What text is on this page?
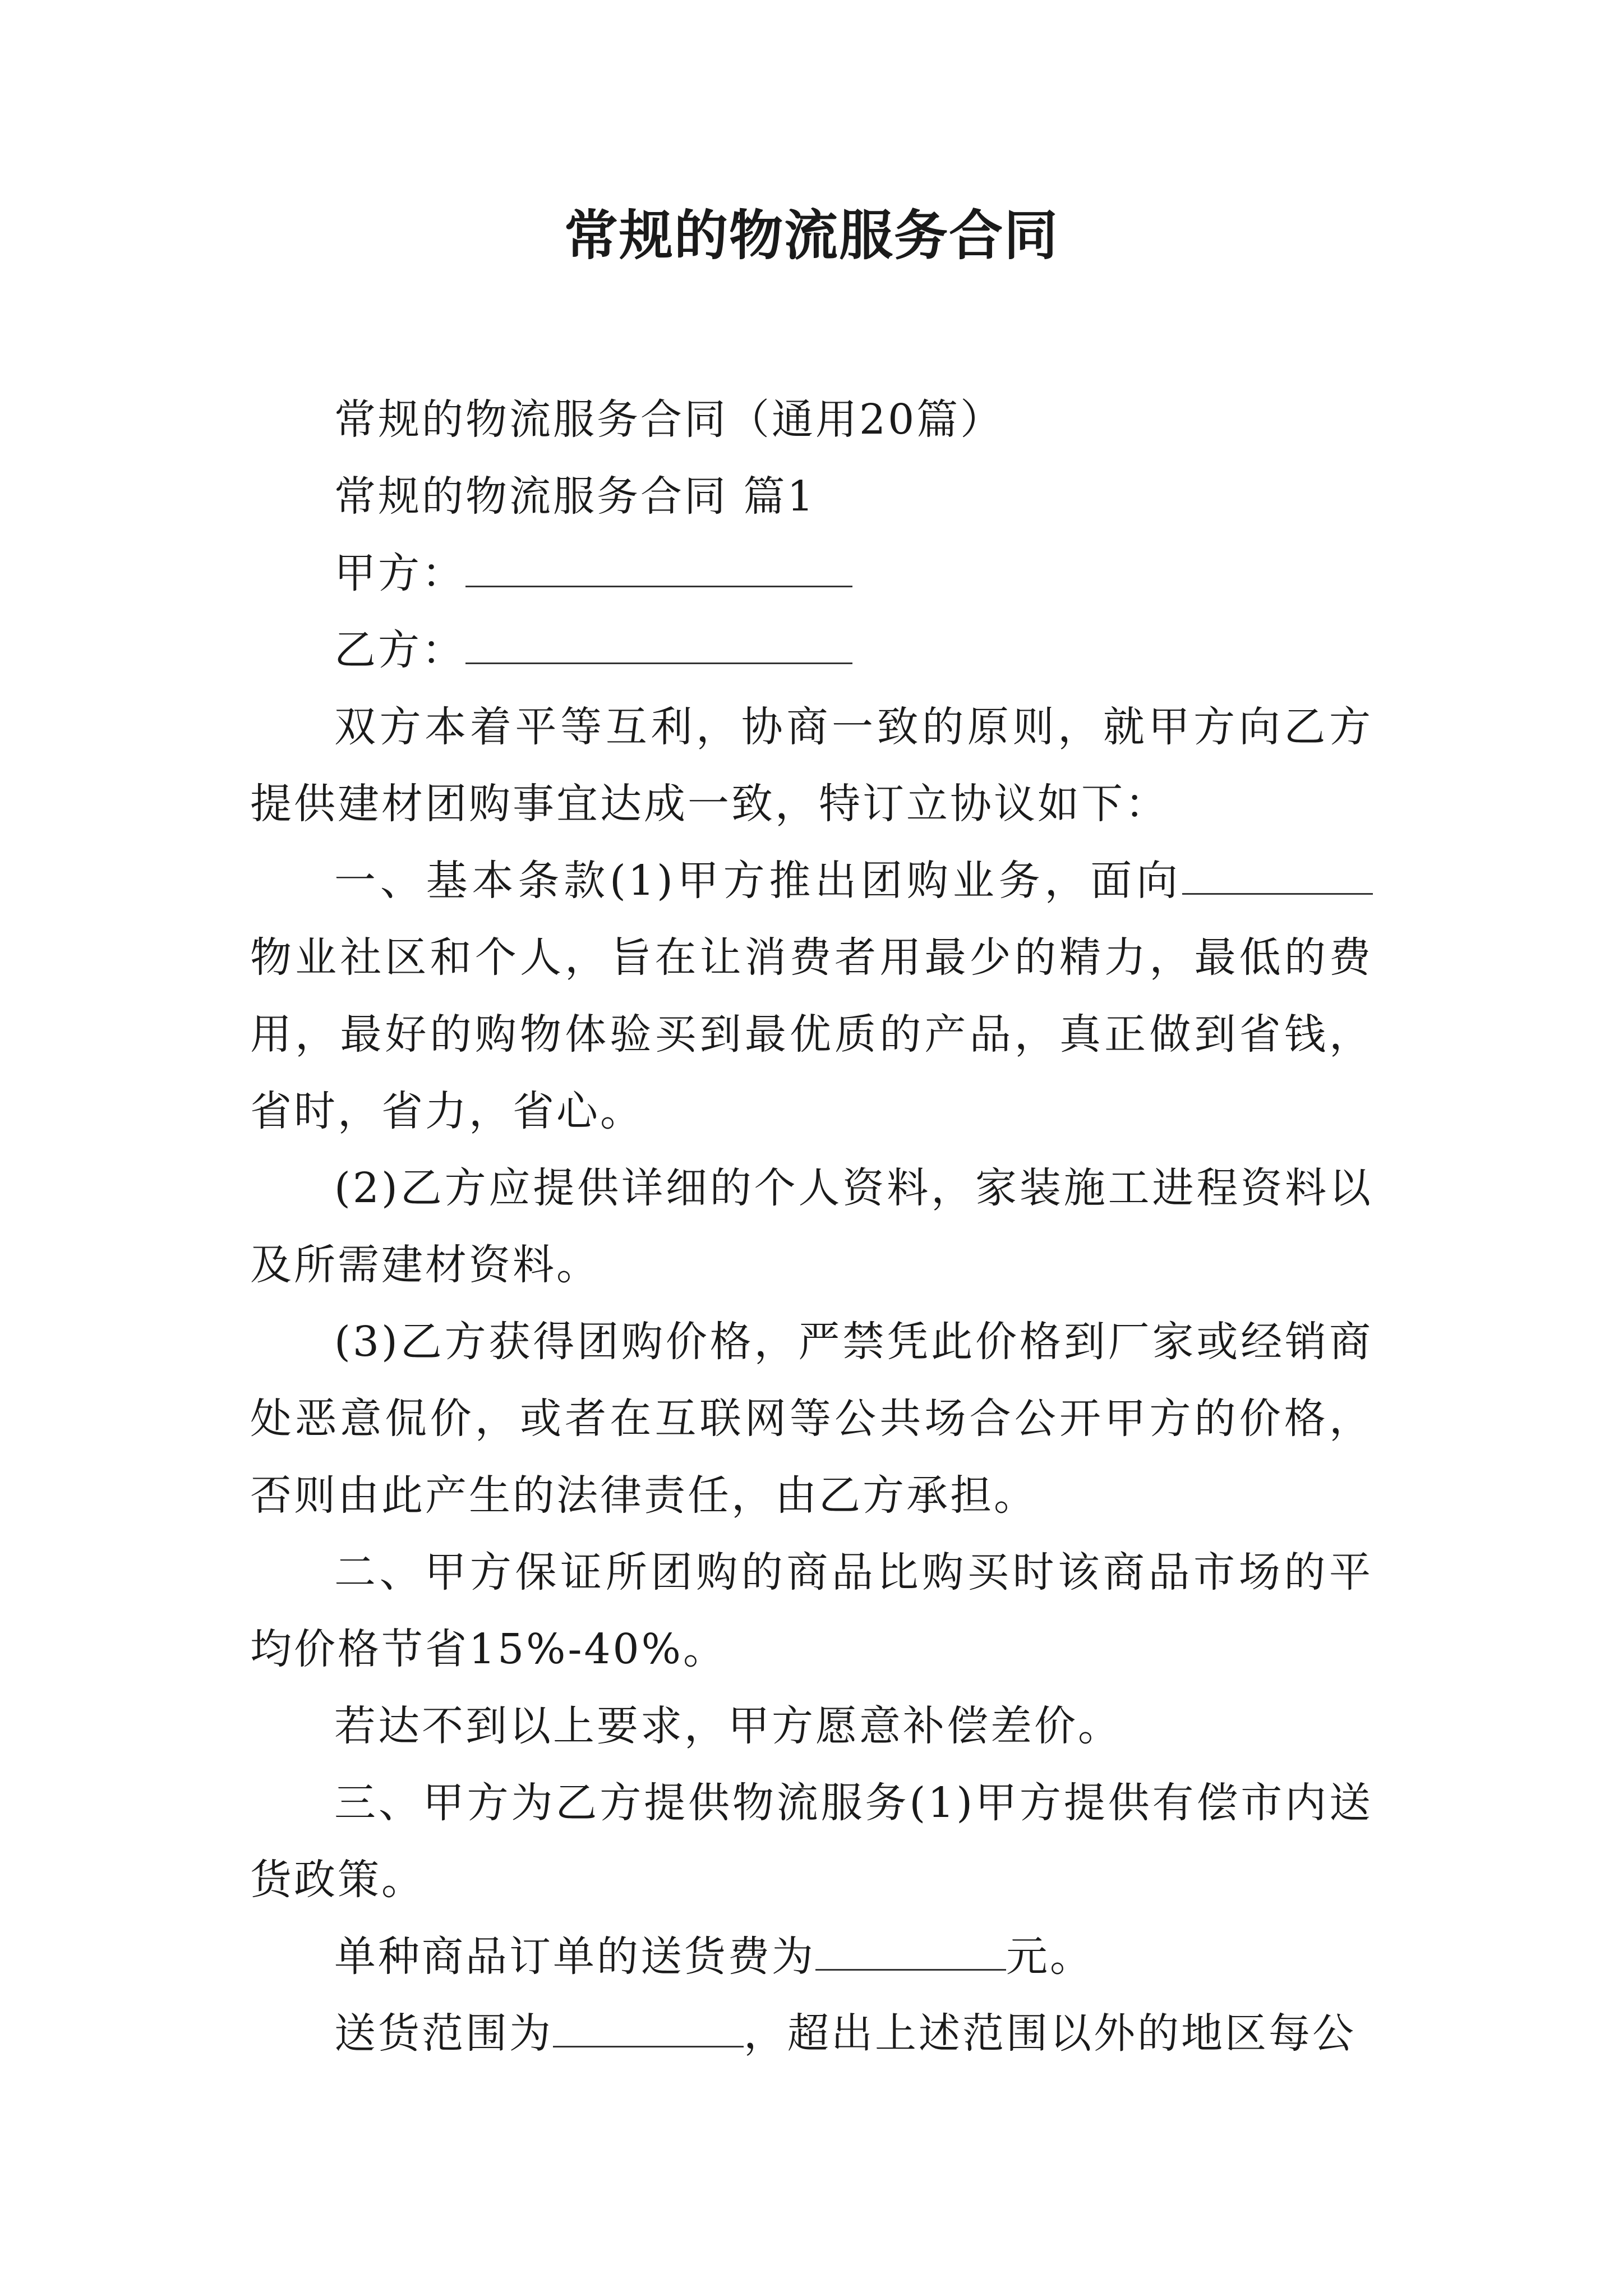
常规的物流服务合同

常规的物流服务合同（通用20篇）

常规的物流服务合同 篇1

甲方：

乙方：

双方本着平等互利，协商一致的原则，就甲方向乙方提供建材团购事宜达成一致，特订立协议如下：

一、基本条款(1)甲方推出团购业务，面向物业社区和个人，旨在让消费者用最少的精力，最低的费用，最好的购物体验买到最优质的产品，真正做到省钱，省时，省力，省心。

(2)乙方应提供详细的个人资料，家装施工进程资料以及所需建材资料。

(3)乙方获得团购价格，严禁凭此价格到厂家或经销商处恶意侃价，或者在互联网等公共场合公开甲方的价格，否则由此产生的法律责任，由乙方承担。

二、甲方保证所团购的商品比购买时该商品市场的平均价格节省15%-40%。

若达不到以上要求，甲方愿意补偿差价。

三、甲方为乙方提供物流服务(1)甲方提供有偿市内送货政策。

单种商品订单的送货费为	元。

送货范围为	，超出上述范围以外的地区每公
